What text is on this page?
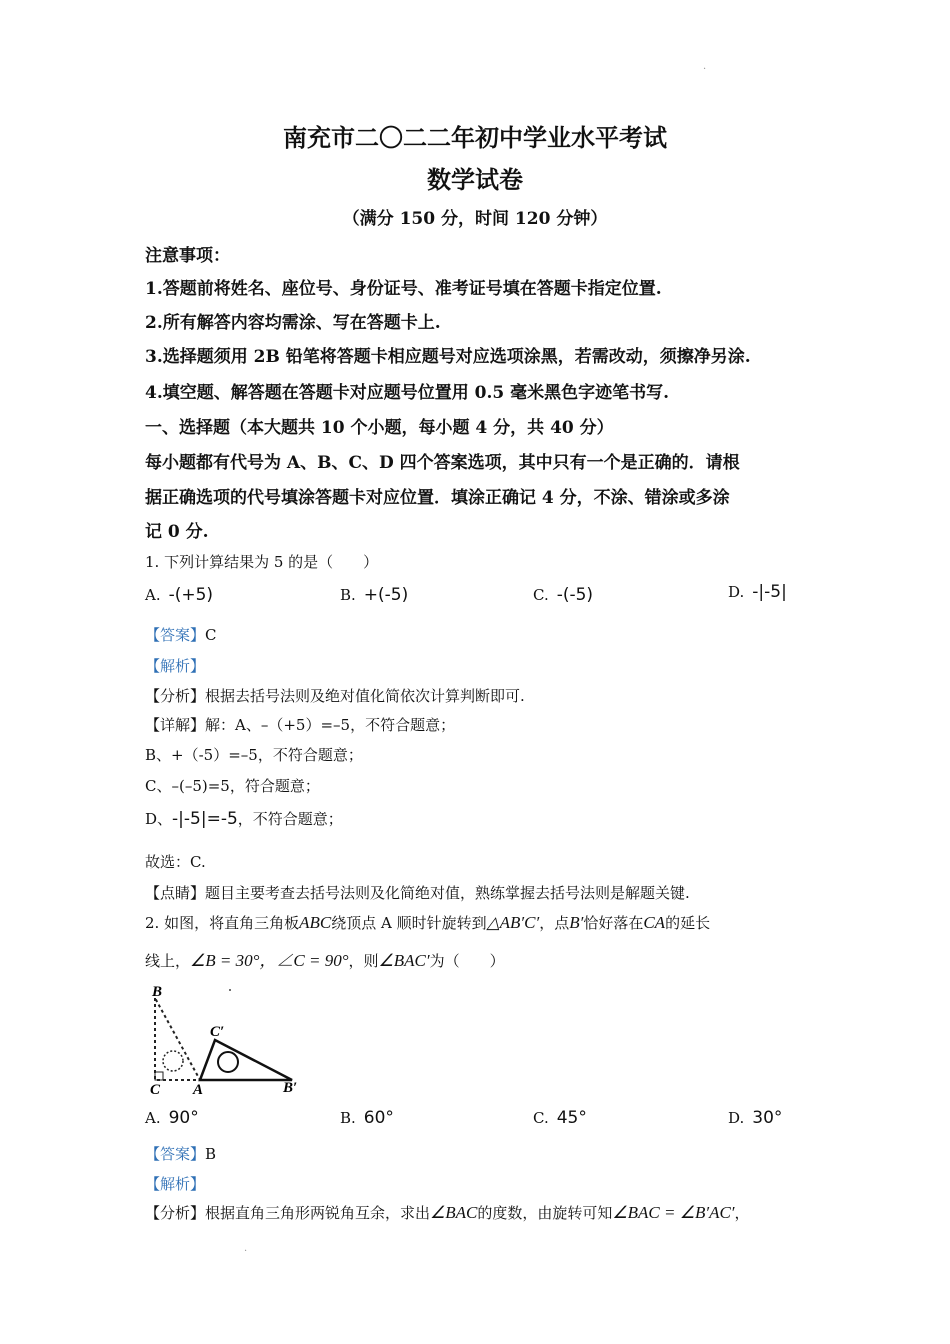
·
南充市二〇二二年初中学业水平考试
数学试卷
（满分 150 分，时间 120 分钟）
注意事项：
1.答题前将姓名、座位号、身份证号、准考证号填在答题卡指定位置.
2.所有解答内容均需涂、写在答题卡上.
3.选择题须用 2B 铅笔将答题卡相应题号对应选项涂黑，若需改动，须擦净另涂.
4.填空题、解答题在答题卡对应题号位置用 0.5 毫米黑色字迹笔书写.
一、选择题（本大题共 10 个小题，每小题 4 分，共 40 分）
每小题都有代号为 A、B、C、D 四个答案选项，其中只有一个是正确的．请根
据正确选项的代号填涂答题卡对应位置．填涂正确记 4 分，不涂、错涂或多涂
记 0 分.
1. 下列计算结果为 5 的是（　　）
A. -(+5)	B. +(-5)	C. -(-5)	D. -|-5|
【答案】C
【解析】
【分析】根据去括号法则及绝对值化简依次计算判断即可.
【详解】解：A、–（+5）=–5，不符合题意；
B、+（-5）=–5，不符合题意；
C、–(–5)=5，符合题意；
D、-|-5|=-5，不符合题意；
故选：C.
【点睛】题目主要考查去括号法则及化简绝对值，熟练掌握去括号法则是解题关键.
2. 如图，将直角三角板ABC绕顶点 A 顺时针旋转到△AB′C′，点B′恰好落在CA的延长
线上，∠B = 30°，∠C = 90°，则∠BAC′为（　　）
B
C A
C′
B′
A. 90°	B. 60°	C. 45°	D. 30°
【答案】B
【解析】
【分析】根据直角三角形两锐角互余，求出∠BAC的度数，由旋转可知∠BAC = ∠B′AC′，
·
